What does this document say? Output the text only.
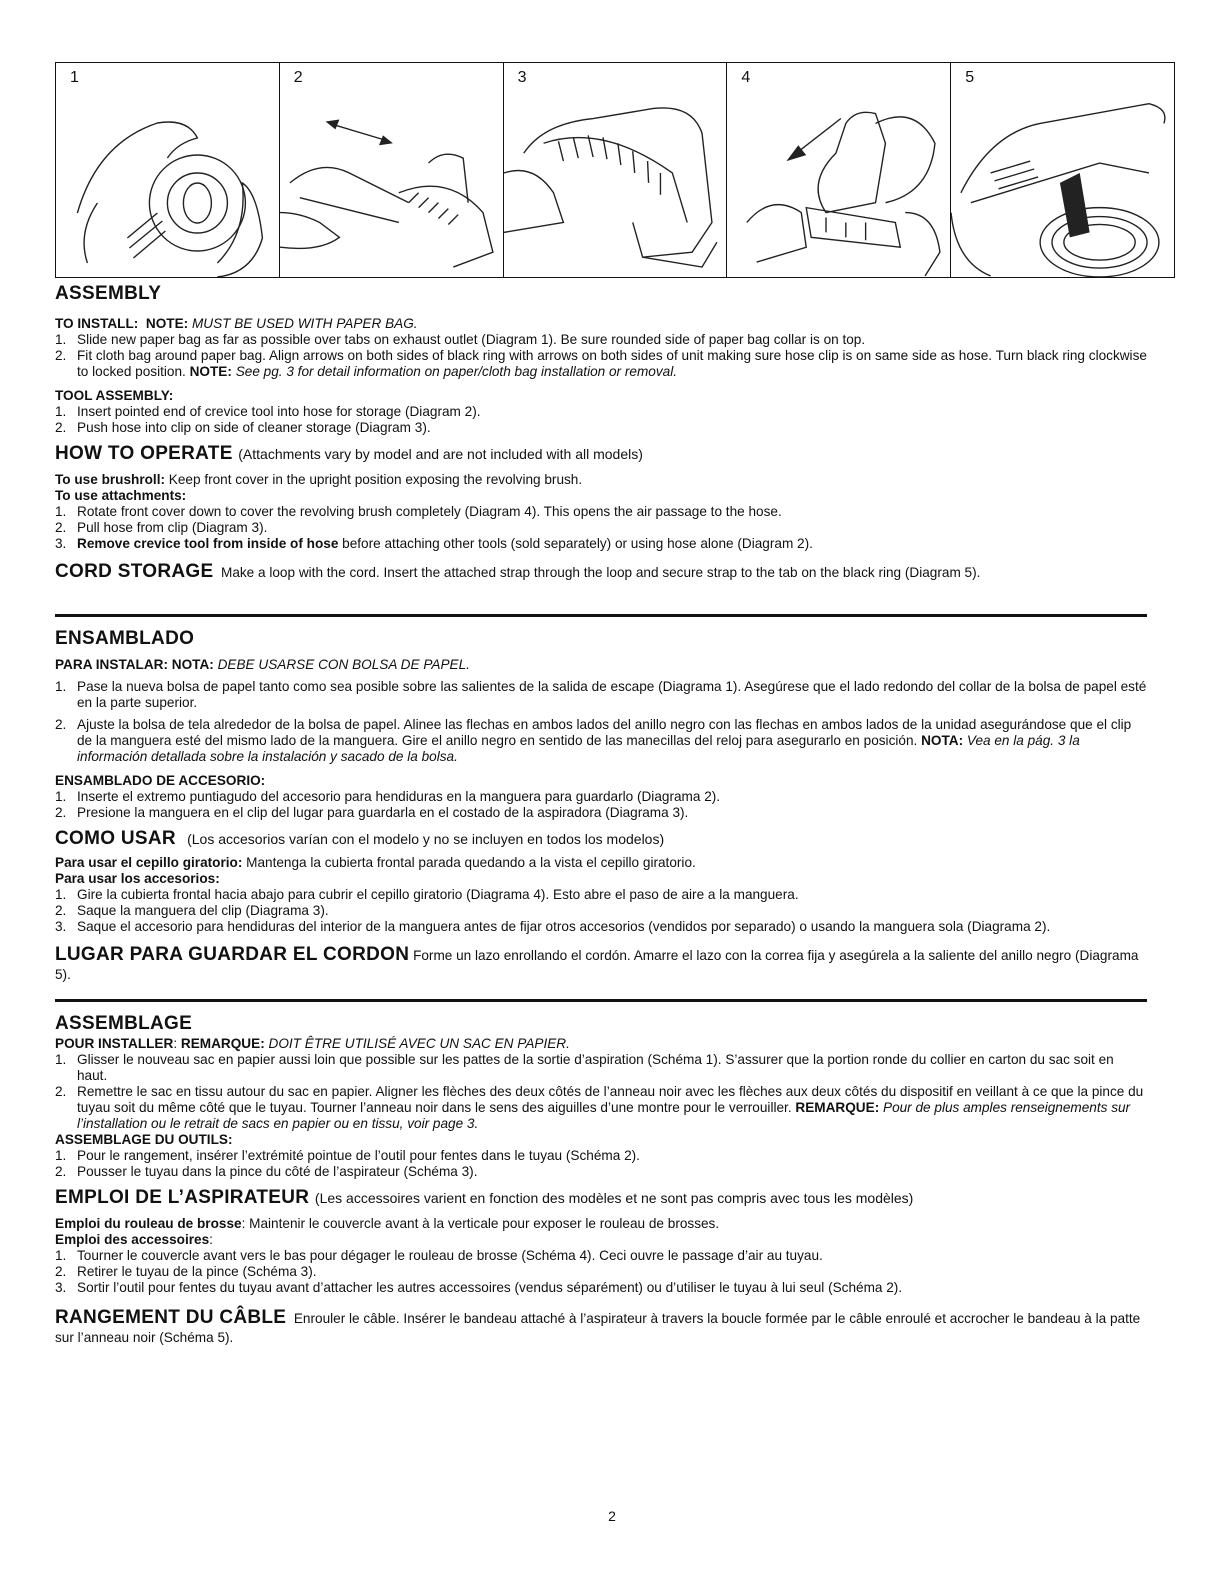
1	2	3	4	5

ASSEMBLY

TO INSTALL: NOTE: MUST BE USED WITH PAPER BAG.

1. Slide new paper bag as far as possible over tabs on exhaust outlet (Diagram 1). Be sure rounded side of paper bag collar is on top.
2. Fit cloth bag around paper bag. Align arrows on both sides of black ring with arrows on both sides of unit making sure hose clip is on same side as hose. Turn black ring clockwise to locked position. NOTE: See pg. 3 for detail information on paper/cloth bag installation or removal.

TOOL ASSEMBLY:

1. Insert pointed end of crevice tool into hose for storage (Diagram 2).
2. Push hose into clip on side of cleaner storage (Diagram 3).

HOW TO OPERATE (Attachments vary by model and are not included with all models)

To use brushroll: Keep front cover in the upright position exposing the revolving brush.

To use attachments:

1. Rotate front cover down to cover the revolving brush completely (Diagram 4). This opens the air passage to the hose.
2. Pull hose from clip (Diagram 3).
3. Remove crevice tool from inside of hose before attaching other tools (sold separately) or using hose alone (Diagram 2).

CORD STORAGE Make a loop with the cord. Insert the attached strap through the loop and secure strap to the tab on the black ring (Diagram 5).

ENSAMBLADO

PARA INSTALAR: NOTA: DEBE USARSE CON BOLSA DE PAPEL.

1. Pase la nueva bolsa de papel tanto como sea posible sobre las salientes de la salida de escape (Diagrama 1). Asegúrese que el lado redondo del collar de la bolsa de papel esté en la parte superior.
2. Ajuste la bolsa de tela alrededor de la bolsa de papel. Alinee las flechas en ambos lados del anillo negro con las flechas en ambos lados de la unidad asegurándose que el clip de la manguera esté del mismo lado de la manguera. Gire el anillo negro en sentido de las manecillas del reloj para asegurarlo en posición. NOTA: Vea en la pág. 3 la información detallada sobre la instalación y sacado de la bolsa.

ENSAMBLADO DE ACCESORIO:

1. Inserte el extremo puntiagudo del accesorio para hendiduras en la manguera para guardarlo (Diagrama 2).
2. Presione la manguera en el clip del lugar para guardarla en el costado de la aspiradora (Diagrama 3).

COMO USAR (Los accesorios varían con el modelo y no se incluyen en todos los modelos)

Para usar el cepillo giratorio: Mantenga la cubierta frontal parada quedando a la vista el cepillo giratorio.

Para usar los accesorios:

1. Gire la cubierta frontal hacia abajo para cubrir el cepillo giratorio (Diagrama 4). Esto abre el paso de aire a la manguera.
2. Saque la manguera del clip (Diagrama 3).
3. Saque el accesorio para hendiduras del interior de la manguera antes de fijar otros accesorios (vendidos por separado) o usando la manguera sola (Diagrama 2).

LUGAR PARA GUARDAR EL CORDON Forme un lazo enrollando el cordón. Amarre el lazo con la correa fija y asegúrela a la saliente del anillo negro (Diagrama 5).

ASSEMBLAGE

POUR INSTALLER: REMARQUE: DOIT ÊTRE UTILISÉ AVEC UN SAC EN PAPIER.

1. Glisser le nouveau sac en papier aussi loin que possible sur les pattes de la sortie d’aspiration (Schéma 1). S’assurer que la portion ronde du collier en carton du sac soit en haut.
2. Remettre le sac en tissu autour du sac en papier. Aligner les flèches des deux côtés de l’anneau noir avec les flèches aux deux côtés du dispositif en veillant à ce que la pince du tuyau soit du même côté que le tuyau. Tourner l’anneau noir dans le sens des aiguilles d’une montre pour le verrouiller. REMARQUE: Pour de plus amples renseignements sur l’installation ou le retrait de sacs en papier ou en tissu, voir page 3.

ASSEMBLAGE DU OUTILS:

1. Pour le rangement, insérer l’extrémité pointue de l’outil pour fentes dans le tuyau (Schéma 2).
2. Pousser le tuyau dans la pince du côté de l’aspirateur (Schéma 3).

EMPLOI DE L’ASPIRATEUR (Les accessoires varient en fonction des modèles et ne sont pas compris avec tous les modèles)

Emploi du rouleau de brosse: Maintenir le couvercle avant à la verticale pour exposer le rouleau de brosses.

Emploi des accessoires:

1. Tourner le couvercle avant vers le bas pour dégager le rouleau de brosse (Schéma 4). Ceci ouvre le passage d’air au tuyau.
2. Retirer le tuyau de la pince (Schéma 3).
3. Sortir l’outil pour fentes du tuyau avant d’attacher les autres accessoires (vendus séparément) ou d’utiliser le tuyau à lui seul (Schéma 2).

RANGEMENT DU CÂBLE Enrouler le câble. Insérer le bandeau attaché à l’aspirateur à travers la boucle formée par le câble enroulé et accrocher le bandeau à la patte sur l’anneau noir (Schéma 5).

2
